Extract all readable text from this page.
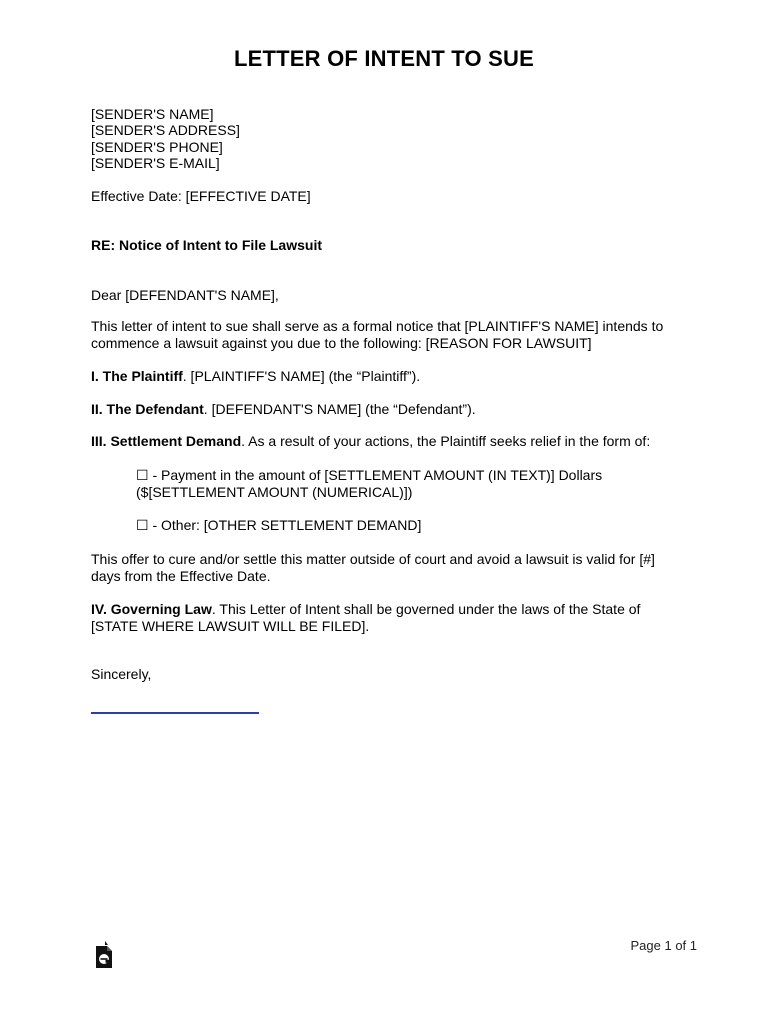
LETTER OF INTENT TO SUE
[SENDER'S NAME]
[SENDER'S ADDRESS]
[SENDER'S PHONE]
[SENDER'S E-MAIL]
Effective Date: [EFFECTIVE DATE]
RE: Notice of Intent to File Lawsuit
Dear [DEFENDANT'S NAME],
This letter of intent to sue shall serve as a formal notice that [PLAINTIFF'S NAME] intends to commence a lawsuit against you due to the following: [REASON FOR LAWSUIT]
I. The Plaintiff. [PLAINTIFF'S NAME] (the “Plaintiff”).
II. The Defendant. [DEFENDANT'S NAME] (the “Defendant”).
III. Settlement Demand. As a result of your actions, the Plaintiff seeks relief in the form of:
☐ - Payment in the amount of [SETTLEMENT AMOUNT (IN TEXT)] Dollars ($[SETTLEMENT AMOUNT (NUMERICAL)])
☐ - Other: [OTHER SETTLEMENT DEMAND]
This offer to cure and/or settle this matter outside of court and avoid a lawsuit is valid for [#] days from the Effective Date.
IV. Governing Law. This Letter of Intent shall be governed under the laws of the State of [STATE WHERE LAWSUIT WILL BE FILED].
Sincerely,
Page 1 of 1
